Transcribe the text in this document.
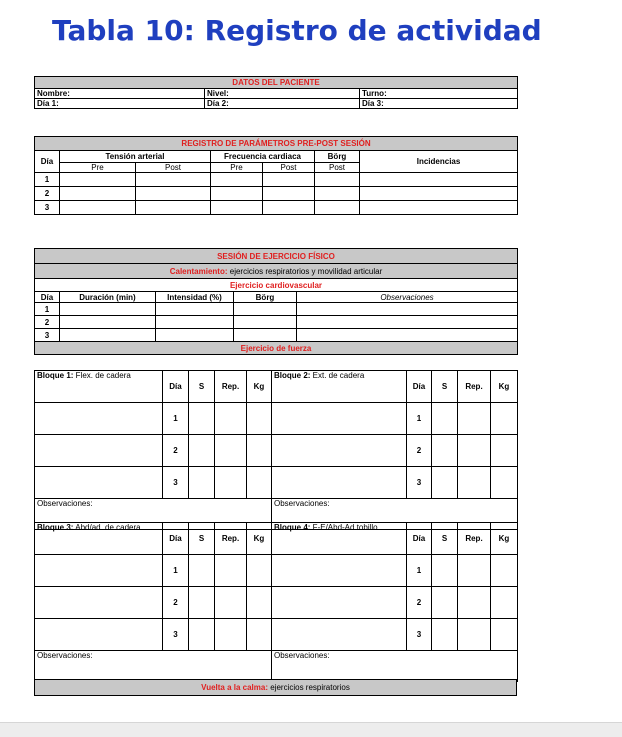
Tabla 10: Registro de actividad
DATOS DEL PACIENTE		
Nombre:	Nivel:	Turno:
Día 1:	Día 2:	Día 3:
REGISTRO DE PARÁMETROS PRE-POST SESIÓN						
Día	Tensión arterial		Frecuencia cardiaca		Börg	Incidencias
	Pre	Post	Pre	Post	Post	
1						
2						
3						
SESIÓN DE EJERCICIO FÍSICO				
Calentamiento: ejercicios respiratorios y movilidad articular				
Ejercicio cardiovascular				
Día	Duración (min)	Intensidad (%)	Börg	Observaciones
1				
2				
3				
Ejercicio de fuerza				
Bloque 1: Flex. de cadera	Día	S	Rep.	Kg
	1			
	2			
	3			
Observaciones:				
Bloque 2: Ext. de cadera	Día	S	Rep.	Kg
	1			
	2			
	3			
Observaciones:				
Bloque 3: Abd/ad. de cadera	Día	S	Rep.	Kg
	1			
	2			
	3			
Observaciones:				
Bloque 4: F-E/Abd-Ad tobillo	Día	S	Rep.	Kg
	1			
	2			
	3			
Observaciones:				
Vuelta a la calma: ejercicios respiratorios
